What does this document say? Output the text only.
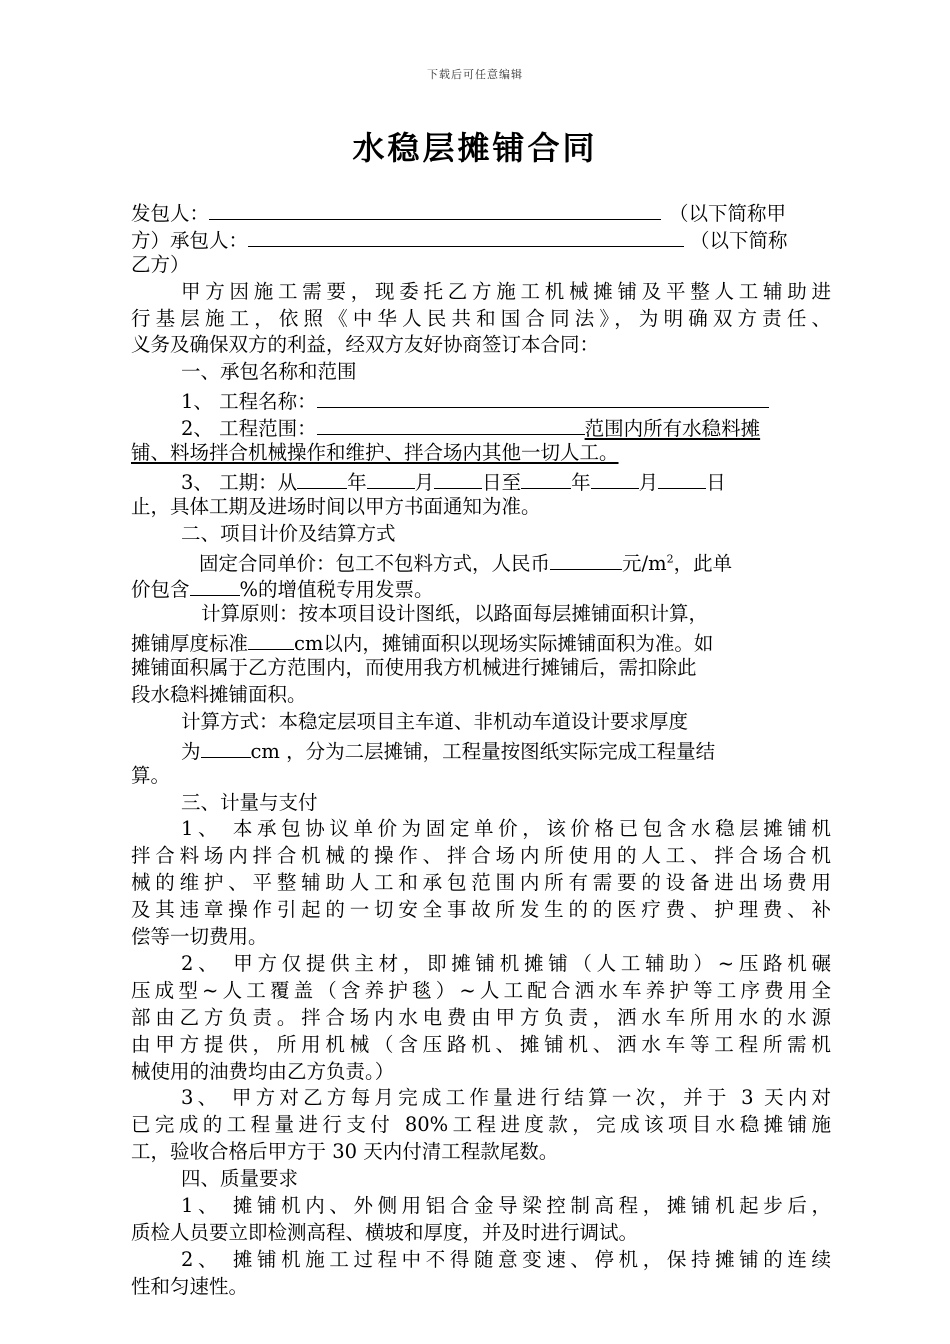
下载后可任意编辑
水稳层摊铺合同
发包人：	（以下简称甲
方）承包人：	（以下简称
乙方）
甲方因施工需要，现委托乙方施工机械摊铺及平整人工辅助进
行基层施工，依照《中华人民共和国合同法》，为明确双方责任、
义务及确保双方的利益，经双方友好协商签订本合同：
一、承包名称和范围
1、 工程名称：
2、 工程范围：	范围内所有水稳料摊
铺、料场拌合机械操作和维护、拌合场内其他一切人工。
3、 工期：从	年 月 日至	年 月 日
止，具体工期及进场时间以甲方书面通知为准。
二、项目计价及结算方式
固定合同单价：包工不包料方式，人民币	元$/m^2$，此单
价包含	%的增值税专用发票。
计算原则：按本项目设计图纸，以路面每层摊铺面积计算，
摊铺厚度标准 cm以内，摊铺面积以现场实际摊铺面积为准。如
摊铺面积属于乙方范围内，而使用我方机械进行摊铺后，需扣除此
段水稳料摊铺面积。
计算方式：本稳定层项目主车道、非机动车道设计要求厚度
为	cm ，分为二层摊铺，工程量按图纸实际完成工程量结
算。
三、计量与支付
1、 本承包协议单价为固定单价，该价格已包含水稳层摊铺机
拌合料场内拌合机械的操作、拌合场内所使用的人工、拌合场合机
械的维护、平整辅助人工和承包范围内所有需要的设备进出场费用
及其违章操作引起的一切安全事故所发生的的医疗费、护理费、补
偿等一切费用。
2、 甲方仅提供主材，即摊铺机摊铺（人工辅助）~压路机碾
压成型~人工覆盖（含养护毯）~人工配合洒水车养护等工序费用全
部由乙方负责。拌合场内水电费由甲方负责，洒水车所用水的水源
由甲方提供，所用机械（含压路机、摊铺机、洒水车等工程所需机
械使用的油费均由乙方负责。）
3、 甲方对乙方每月完成工作量进行结算一次，并于 3 天内对
已完成的工程量进行支付 80%工程进度款，完成该项目水稳摊铺施
工，验收合格后甲方于 30 天内付清工程款尾数。
四、质量要求
1、 摊铺机内、外侧用铝合金导梁控制高程，摊铺机起步后，
质检人员要立即检测高程、横坡和厚度，并及时进行调试。
2、 摊铺机施工过程中不得随意变速、停机，保持摊铺的连续
性和匀速性。
